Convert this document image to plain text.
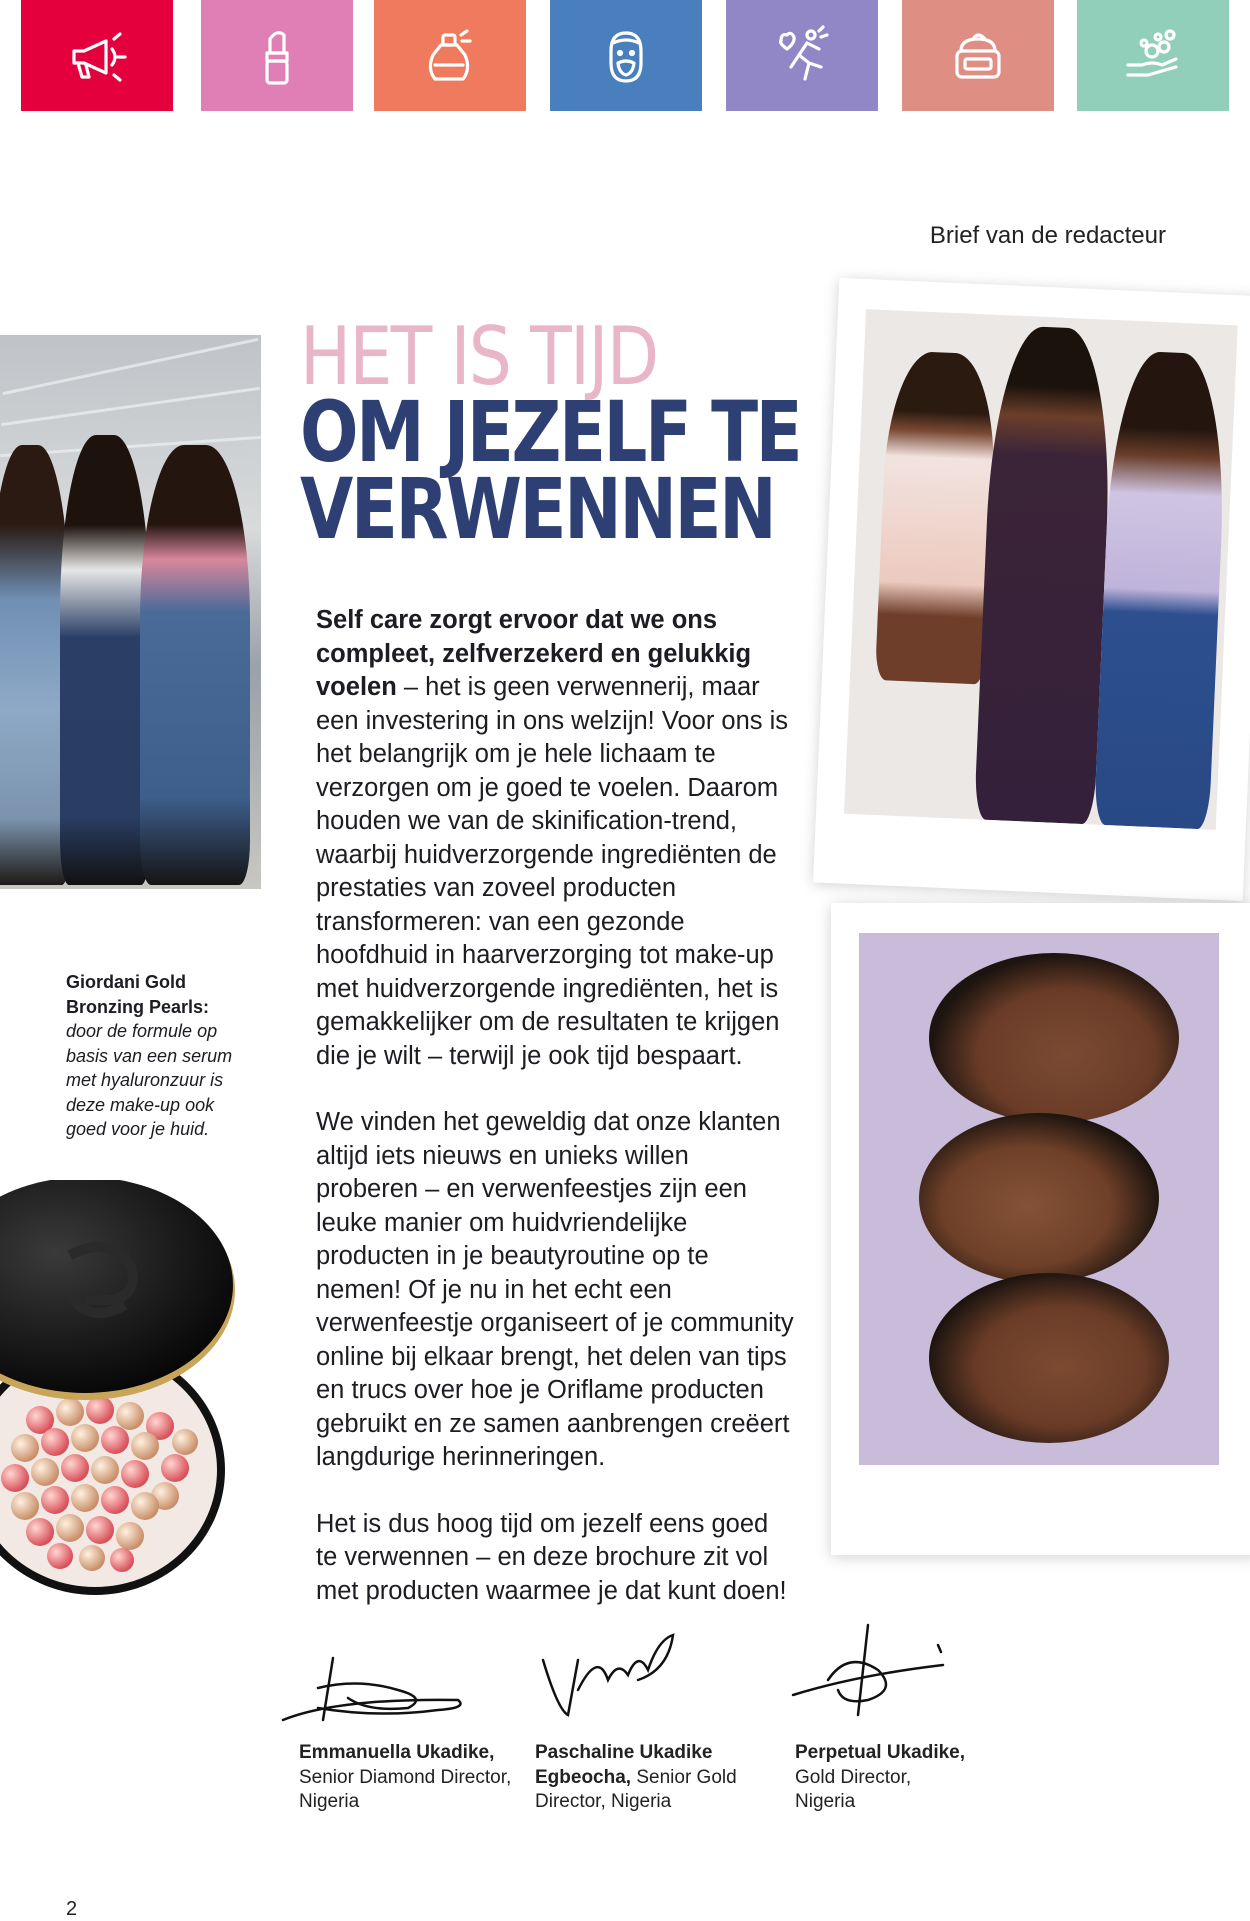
Brief van de redacteur
HET IS TIJD
OM JEZELF TE
VERWENNEN

Self care zorgt ervoor dat we ons compleet, zelfverzekerd en gelukkig voelen – het is geen verwennerij, maar een investering in ons welzijn! Voor ons is het belangrijk om je hele lichaam te verzorgen om je goed te voelen. Daarom houden we van de skinification-trend, waarbij huidverzorgende ingrediënten de prestaties van zoveel producten transformeren: van een gezonde hoofdhuid in haarverzorging tot make-up met huidverzorgende ingrediënten, het is gemakkelijker om de resultaten te krijgen die je wilt – terwijl je ook tijd bespaart.

We vinden het geweldig dat onze klanten altijd iets nieuws en unieks willen proberen – en verwenfeestjes zijn een leuke manier om huidvriendelijke producten in je beautyroutine op te nemen! Of je nu in het echt een verwenfeestje organiseert of je community online bij elkaar brengt, het delen van tips en trucs over hoe je Oriflame producten gebruikt en ze samen aanbrengen creëert langdurige herinneringen.

Het is dus hoog tijd om jezelf eens goed te verwennen – en deze brochure zit vol met producten waarmee je dat kunt doen!

Giordani Gold Bronzing Pearls:
door de formule op basis van een serum met hyaluronzuur is deze make-up ook goed voor je huid.
Emmanuella Ukadike,
Senior Diamond Director, Nigeria
Paschaline Ukadike Egbeocha, Senior Gold Director, Nigeria
Perpetual Ukadike,
Gold Director, Nigeria
2
